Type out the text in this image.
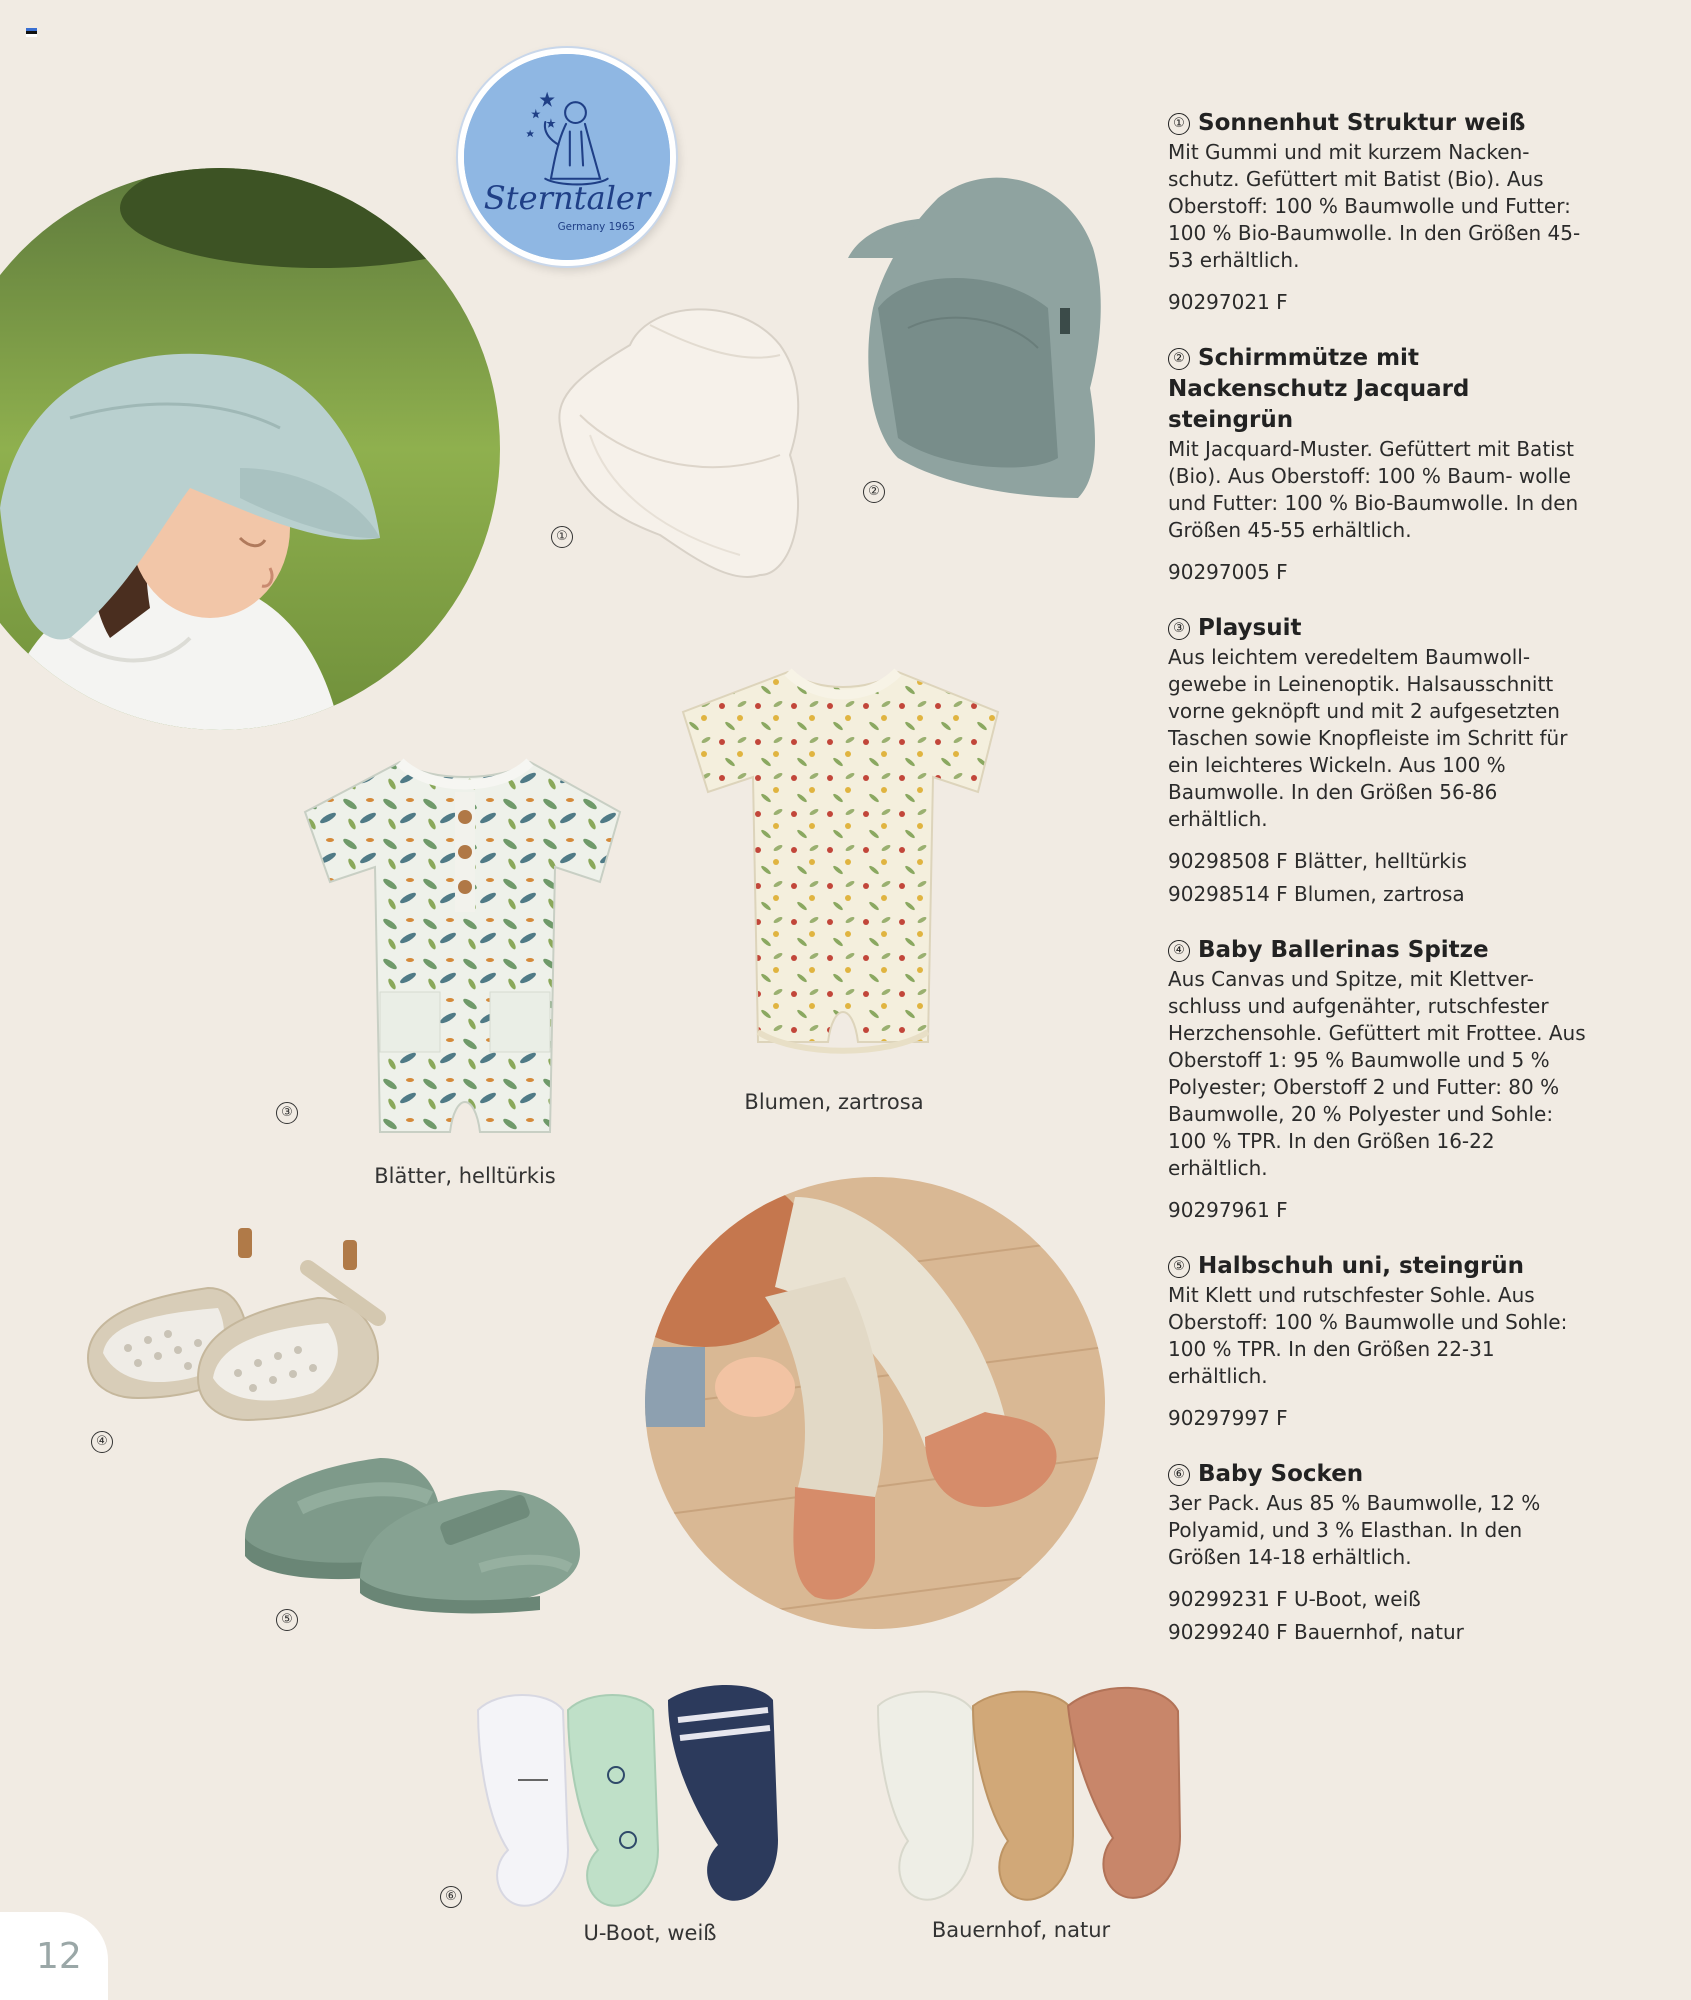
Sterntaler
Germany 1965
①
②
③
Blätter, helltürkis
Blumen, zartrosa
④
⑤
⑥
U-Boot, weiß	Bauernhof, natur
① Sonnenhut Struktur weiß
Mit Gummi und mit kurzem Nacken- schutz. Gefüttert mit Batist (Bio). Aus Oberstoff: 100 % Baumwolle und Futter: 100 % Bio-Baumwolle. In den Größen 45-53 erhältlich.
90297021 F
② Schirmmütze mit Nackenschutz Jacquard steingrün
Mit Jacquard-Muster. Gefüttert mit Batist (Bio). Aus Oberstoff: 100 % Baum- wolle und Futter: 100 % Bio-Baumwolle. In den Größen 45-55 erhältlich.
90297005 F
③ Playsuit
Aus leichtem veredeltem Baumwoll- gewebe in Leinenoptik. Halsausschnitt vorne geknöpft und mit 2 aufgesetzten Taschen sowie Knopfleiste im Schritt für ein leichteres Wickeln. Aus 100 % Baumwolle. In den Größen 56-86 erhältlich.
90298508 F Blätter, helltürkis
90298514 F Blumen, zartrosa
④ Baby Ballerinas Spitze
Aus Canvas und Spitze, mit Klettver- schluss und aufgenähter, rutschfester Herzchensohle. Gefüttert mit Frottee. Aus Oberstoff 1: 95 % Baumwolle und 5 % Polyester; Oberstoff 2 und Futter: 80 % Baumwolle, 20 % Polyester und Sohle: 100 % TPR. In den Größen 16-22 erhältlich.
90297961 F
⑤ Halbschuh uni, steingrün
Mit Klett und rutschfester Sohle. Aus Oberstoff: 100 % Baumwolle und Sohle: 100 % TPR. In den Größen 22-31 erhältlich.
90297997 F
⑥ Baby Socken
3er Pack. Aus 85 % Baumwolle, 12 % Polyamid, und 3 % Elasthan. In den Größen 14-18 erhältlich.
90299231 F U-Boot, weiß
90299240 F Bauernhof, natur
12
